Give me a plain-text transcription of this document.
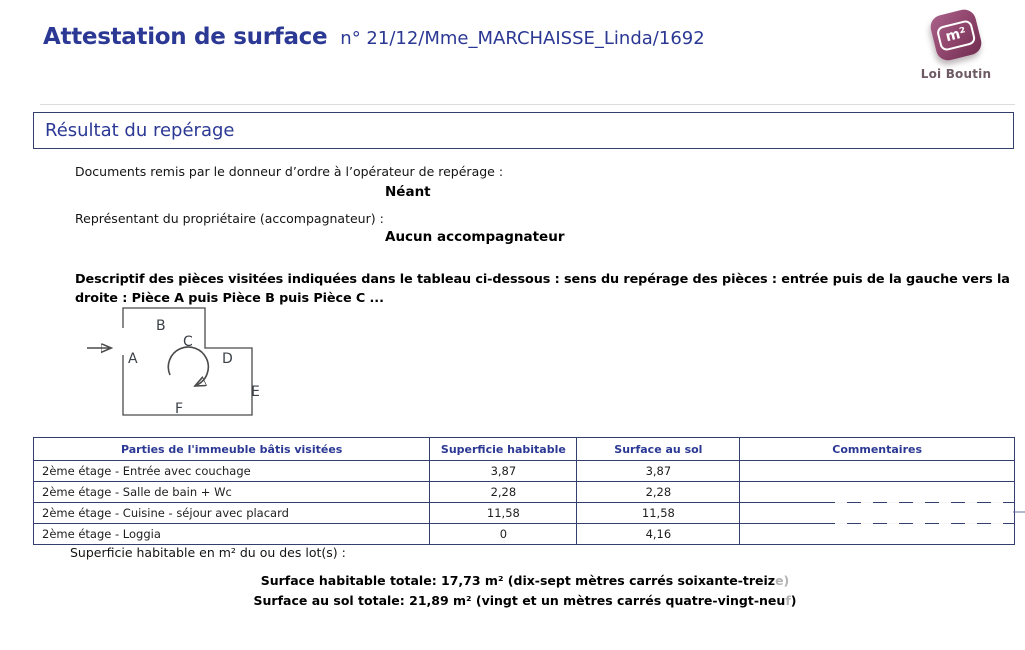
Attestation de surface n° 21/12/Mme_MARCHAISSE_Linda/1692	m²
Loi Boutin
Résultat du repérage
Documents remis par le donneur d’ordre à l’opérateur de repérage :
Néant
Représentant du propriétaire (accompagnateur) :
Aucun accompagnateur
Descriptif des pièces visitées indiquées dans le tableau ci-dessous : sens du repérage des pièces : entrée puis de la gauche vers la droite : Pièce A puis Pièce B puis Pièce C ...
A
B
C
D
E
F
Parties de l'immeuble bâtis visitées	Superficie habitable	Surface au sol	Commentaires
2ème étage - Entrée avec couchage	3,87	3,87	
2ème étage - Salle de bain + Wc	2,28	2,28	
2ème étage - Cuisine - séjour avec placard	11,58	11,58	
2ème étage - Loggia	0	4,16	
Superficie habitable en m² du ou des lot(s) :
Surface habitable totale: 17,73 m² (dix-sept mètres carrés soixante-treize)
Surface au sol totale: 21,89 m² (vingt et un mètres carrés quatre-vingt-neuf)
